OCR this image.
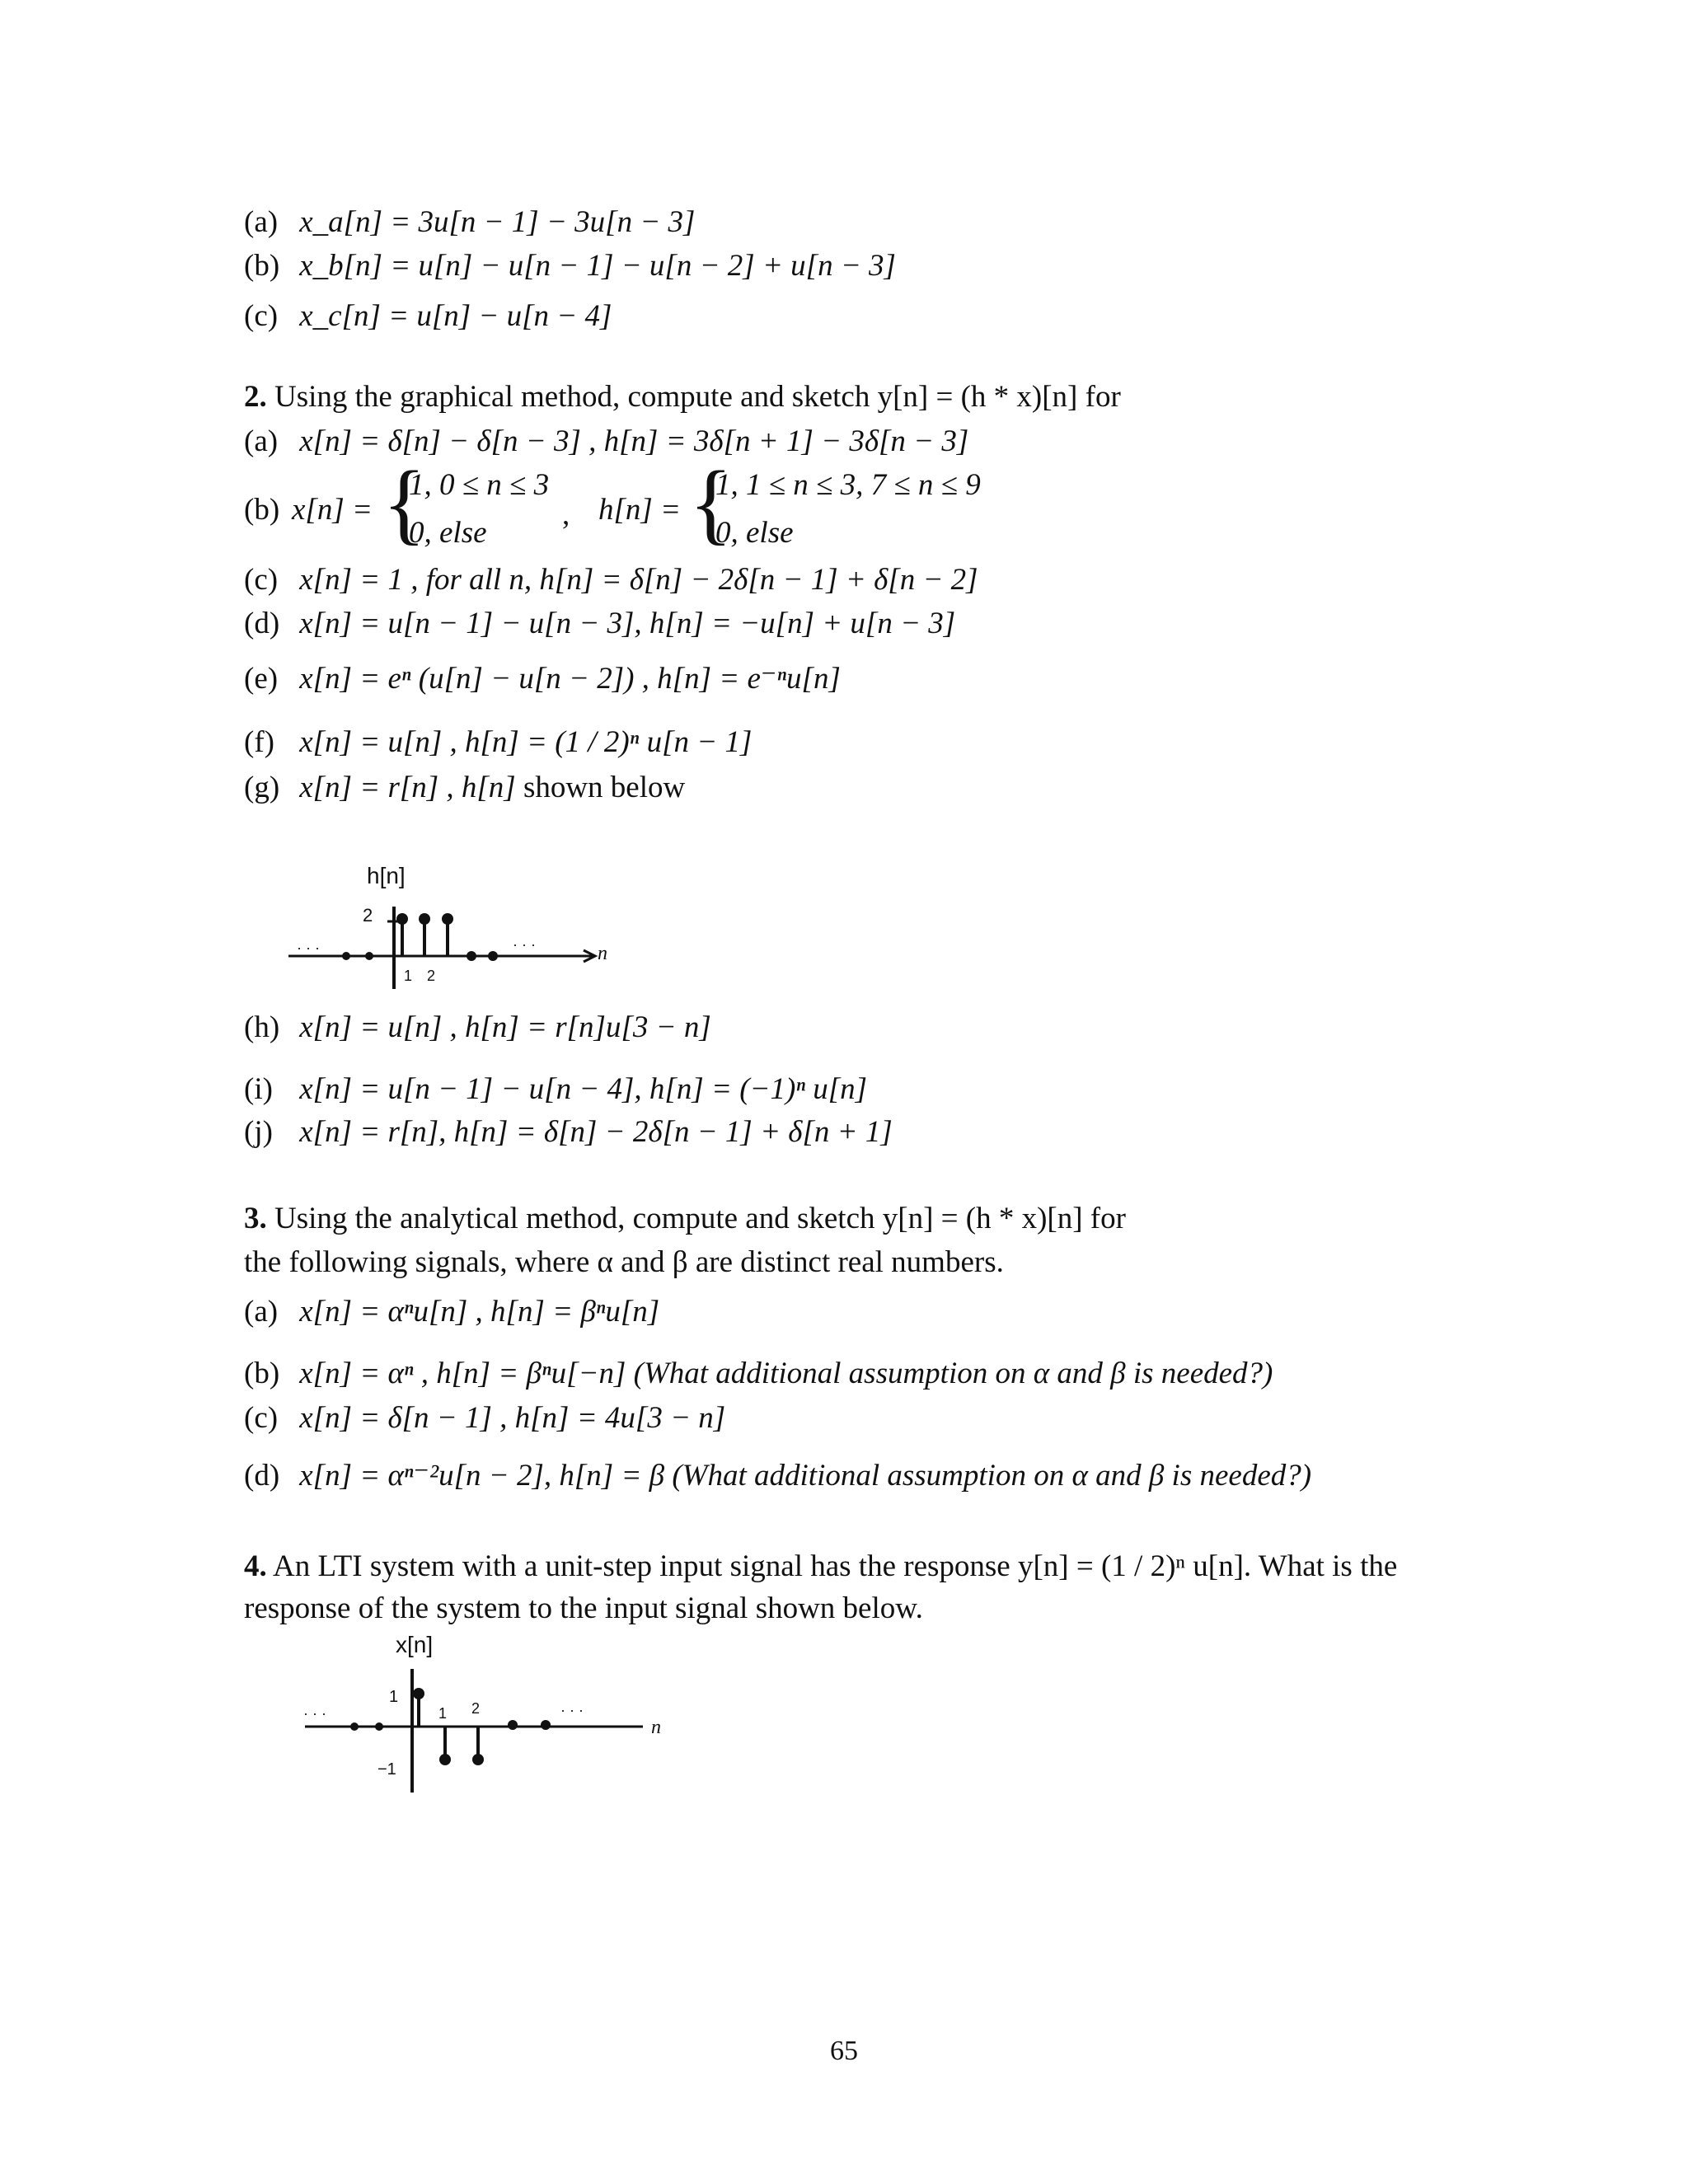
(a) x_a[n] = 3u[n − 1] − 3u[n − 3]
(b) x_b[n] = u[n] − u[n − 1] − u[n − 2] + u[n − 3]
(c) x_c[n] = u[n] − u[n − 4]
2. Using the graphical method, compute and sketch y[n] = (h * x)[n] for
(a) x[n] = δ[n] − δ[n − 3] , h[n] = 3δ[n + 1] − 3δ[n − 3]
(b) x[n] = {
1, 0 ≤ n ≤ 3
0, else
, h[n] = {
1, 1 ≤ n ≤ 3, 7 ≤ n ≤ 9
0, else
(c) x[n] = 1 , for all n, h[n] = δ[n] − 2δ[n − 1] + δ[n − 2]
(d) x[n] = u[n − 1] − u[n − 3], h[n] = −u[n] + u[n − 3]
(e) x[n] = eⁿ (u[n] − u[n − 2]) , h[n] = e⁻ⁿu[n]
(f) x[n] = u[n] , h[n] = (1 / 2)ⁿ u[n − 1]
(g) x[n] = r[n] , h[n] shown below
h[n]
2
· · ·	· · ·	n
1 2
(h) x[n] = u[n] , h[n] = r[n]u[3 − n]
(i) x[n] = u[n − 1] − u[n − 4], h[n] = (−1)ⁿ u[n]
(j) x[n] = r[n], h[n] = δ[n] − 2δ[n − 1] + δ[n + 1]
3. Using the analytical method, compute and sketch y[n] = (h * x)[n] for
the following signals, where α and β are distinct real numbers.
(a) x[n] = αⁿu[n] , h[n] = βⁿu[n]
(b) x[n] = αⁿ , h[n] = βⁿu[−n] (What additional assumption on α and β is needed?)
(c) x[n] = δ[n − 1] , h[n] = 4u[3 − n]
(d) x[n] = αⁿ⁻²u[n − 2], h[n] = β (What additional assumption on α and β is needed?)
4. An LTI system with a unit-step input signal has the response y[n] = (1 / 2)ⁿ u[n]. What is the
response of the system to the input signal shown below.
x[n]
1
−1
· · ·	· · ·
n
1 2
65
